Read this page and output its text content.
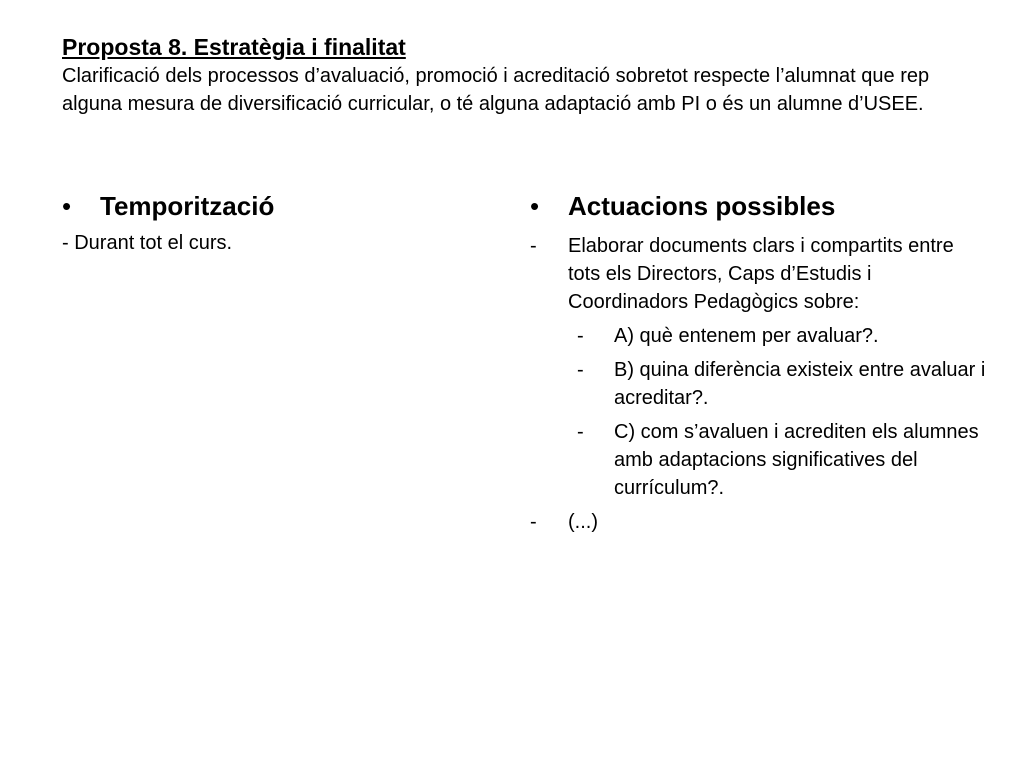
Proposta 8. Estratègia i finalitat

Clarificació dels processos d’avaluació, promoció i acreditació sobretot respecte l’alumnat que rep alguna mesura de diversificació curricular, o té alguna adaptació amb PI o és un alumne d’USEE.

•	Temporització
- Durant tot el curs.
•	Actuacions possibles
-	Elaborar documents clars i compartits entre tots els Directors, Caps d’Estudis i Coordinadors Pedagògics sobre:
-	A) què entenem per avaluar?.
-	B) quina diferència existeix entre avaluar i acreditar?.
-	C) com s’avaluen i acrediten els alumnes amb adaptacions significatives del currículum?.
-	(...)
